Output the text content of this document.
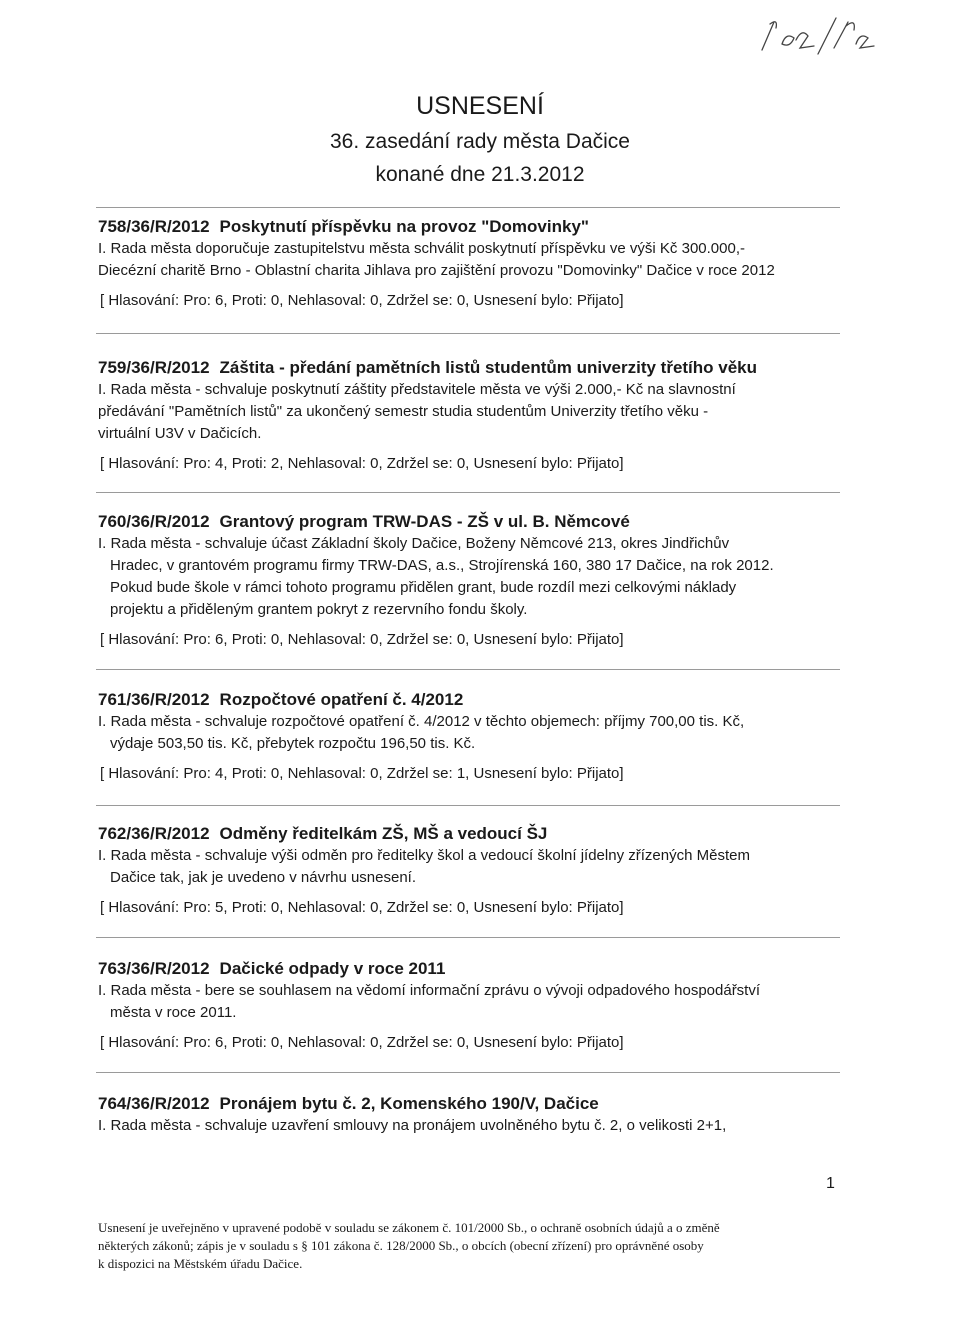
USNESENÍ
36. zasedání rady města Dačice
konané dne 21.3.2012
758/36/R/2012 Poskytnutí příspěvku na provoz "Domovinky"
I. Rada města doporučuje zastupitelstvu města schválit poskytnutí příspěvku ve výši Kč 300.000,-
Diecézní charitě Brno - Oblastní charita Jihlava pro zajištění provozu "Domovinky" Dačice v roce 2012
[ Hlasování: Pro: 6, Proti: 0, Nehlasoval: 0, Zdržel se: 0, Usnesení bylo: Přijato]
759/36/R/2012 Záštita - předání pamětních listů studentům univerzity třetího věku
I. Rada města - schvaluje poskytnutí záštity představitele města ve výši 2.000,- Kč na slavnostní
předávání "Pamětních listů" za ukončený semestr studia studentům Univerzity třetího věku -
virtuální U3V v Dačicích.
[ Hlasování: Pro: 4, Proti: 2, Nehlasoval: 0, Zdržel se: 0, Usnesení bylo: Přijato]
760/36/R/2012 Grantový program TRW-DAS - ZŠ v ul. B. Němcové
I. Rada města - schvaluje účast Základní školy Dačice, Boženy Němcové 213, okres Jindřichův
Hradec, v grantovém programu firmy TRW-DAS, a.s., Strojírenská 160, 380 17 Dačice, na rok 2012.
Pokud bude škole v rámci tohoto programu přidělen grant, bude rozdíl mezi celkovými náklady
projektu a přiděleným grantem pokryt z rezervního fondu školy.
[ Hlasování: Pro: 6, Proti: 0, Nehlasoval: 0, Zdržel se: 0, Usnesení bylo: Přijato]
761/36/R/2012 Rozpočtové opatření č. 4/2012
I. Rada města - schvaluje rozpočtové opatření č. 4/2012 v těchto objemech: příjmy 700,00 tis. Kč,
výdaje 503,50 tis. Kč, přebytek rozpočtu 196,50 tis. Kč.
[ Hlasování: Pro: 4, Proti: 0, Nehlasoval: 0, Zdržel se: 1, Usnesení bylo: Přijato]
762/36/R/2012 Odměny ředitelkám ZŠ, MŠ a vedoucí ŠJ
I. Rada města - schvaluje výši odměn pro ředitelky škol a vedoucí školní jídelny zřízených Městem
Dačice tak, jak je uvedeno v návrhu usnesení.
[ Hlasování: Pro: 5, Proti: 0, Nehlasoval: 0, Zdržel se: 0, Usnesení bylo: Přijato]
763/36/R/2012 Dačické odpady v roce 2011
I. Rada města - bere se souhlasem na vědomí informační zprávu o vývoji odpadového hospodářství
města v roce 2011.
[ Hlasování: Pro: 6, Proti: 0, Nehlasoval: 0, Zdržel se: 0, Usnesení bylo: Přijato]
764/36/R/2012 Pronájem bytu č. 2, Komenského 190/V, Dačice
I. Rada města - schvaluje uzavření smlouvy na pronájem uvolněného bytu č. 2, o velikosti 2+1,
1
Usnesení je uveřejněno v upravené podobě v souladu se zákonem č. 101/2000 Sb., o ochraně osobních údajů a o změně
některých zákonů; zápis je v souladu s § 101 zákona č. 128/2000 Sb., o obcích (obecní zřízení) pro oprávněné osoby
k dispozici na Městském úřadu Dačice.
